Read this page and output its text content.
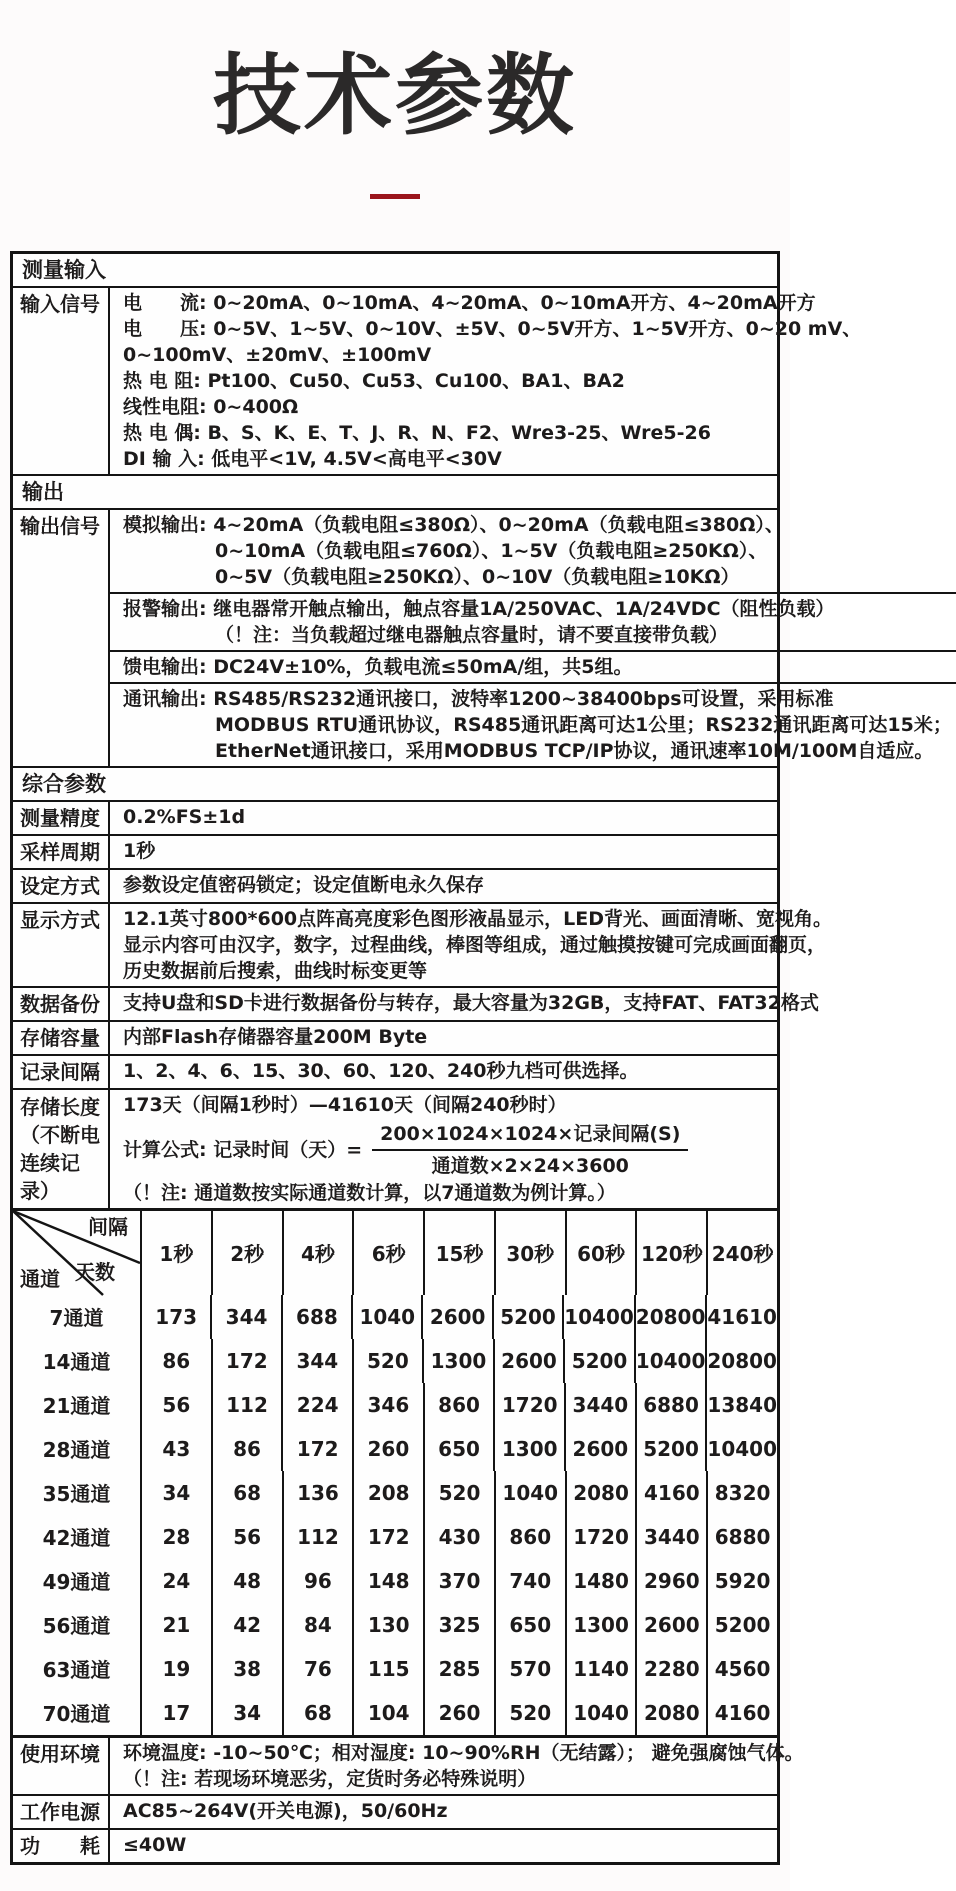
技术参数
测量输入
输入信号	电　　流: 0~20mA、0~10mA、4~20mA、0~10mA开方、4~20mA开方
电　　压: 0~5V、1~5V、0~10V、±5V、0~5V开方、1~5V开方、0~20 mV、
0~100mV、±20mV、±100mV
热 电 阻: Pt100、Cu50、Cu53、Cu100、BA1、BA2
线性电阻: 0~400Ω
热 电 偶: B、S、K、E、T、J、R、N、F2、Wre3-25、Wre5-26
DI 输 入: 低电平<1V, 4.5V<高电平<30V
输出
输出信号	模拟输出: 4~20mA（负载电阻≤380Ω）、0~20mA（负载电阻≤380Ω）、
0~10mA（负载电阻≤760Ω）、1~5V（负载电阻≥250KΩ）、
0~5V（负载电阻≥250KΩ）、0~10V（负载电阻≥10KΩ）
报警输出: 继电器常开触点输出，触点容量1A/250VAC、1A/24VDC（阻性负载）
（！注：当负载超过继电器触点容量时，请不要直接带负载）
馈电输出: DC24V±10%，负载电流≤50mA/组，共5组。
通讯输出: RS485/RS232通讯接口，波特率1200~38400bps可设置，采用标准
MODBUS RTU通讯协议，RS485通讯距离可达1公里；RS232通讯距离可达15米；
EtherNet通讯接口，采用MODBUS TCP/IP协议，通讯速率10M/100M自适应。
综合参数
测量精度	0.2%FS±1d
采样周期	1秒
设定方式	参数设定值密码锁定；设定值断电永久保存
显示方式	12.1英寸800*600点阵高亮度彩色图形液晶显示，LED背光、画面清晰、宽视角。
显示内容可由汉字，数字，过程曲线，棒图等组成，通过触摸按键可完成画面翻页，
历史数据前后搜索，曲线时标变更等
数据备份	支持U盘和SD卡进行数据备份与转存，最大容量为32GB，支持FAT、FAT32格式
存储容量	内部Flash存储器容量200M Byte
记录间隔	1、2、4、6、15、30、60、120、240秒九档可供选择。
存储长度
（不断电
连续记录）
173天（间隔1秒时）—41610天（间隔240秒时）
计算公式: 记录时间（天）= $\frac{\text{200×1024×1024×记录间隔(S)}}{\text{通道数×2×24×3600}}$
（！注: 通道数按实际通道数计算，以7通道数为例计算。）
间隔
天数
通道
1秒	2秒	4秒	6秒	15秒	30秒	60秒 120秒 240秒
7通道	173	344	688	1040 2600 5200 10400 20800 41610
14通道	86	172	344	520	1300 2600 5200 10400 20800
21通道	56	112	224	346	860	1720 3440 6880 13840
28通道	43	86	172	260	650	1300 2600 5200 10400
35通道	34	68	136	208	520	1040 2080 4160 8320
42通道	28	56	112	172	430	860	1720 3440 6880
49通道	24	48	96	148	370	740	1480 2960 5920
56通道	21	42	84	130	325	650	1300 2600 5200
63通道	19	38	76	115	285	570	1140 2280 4560
70通道	17	34	68	104	260	520	1040 2080 4160
使用环境	环境温度: -10~50℃；相对湿度: 10~90%RH（无结露）； 避免强腐蚀气体。
（！注: 若现场环境恶劣，定货时务必特殊说明）
工作电源	AC85~264V(开关电源)，50/60Hz
功　　耗	≤40W
